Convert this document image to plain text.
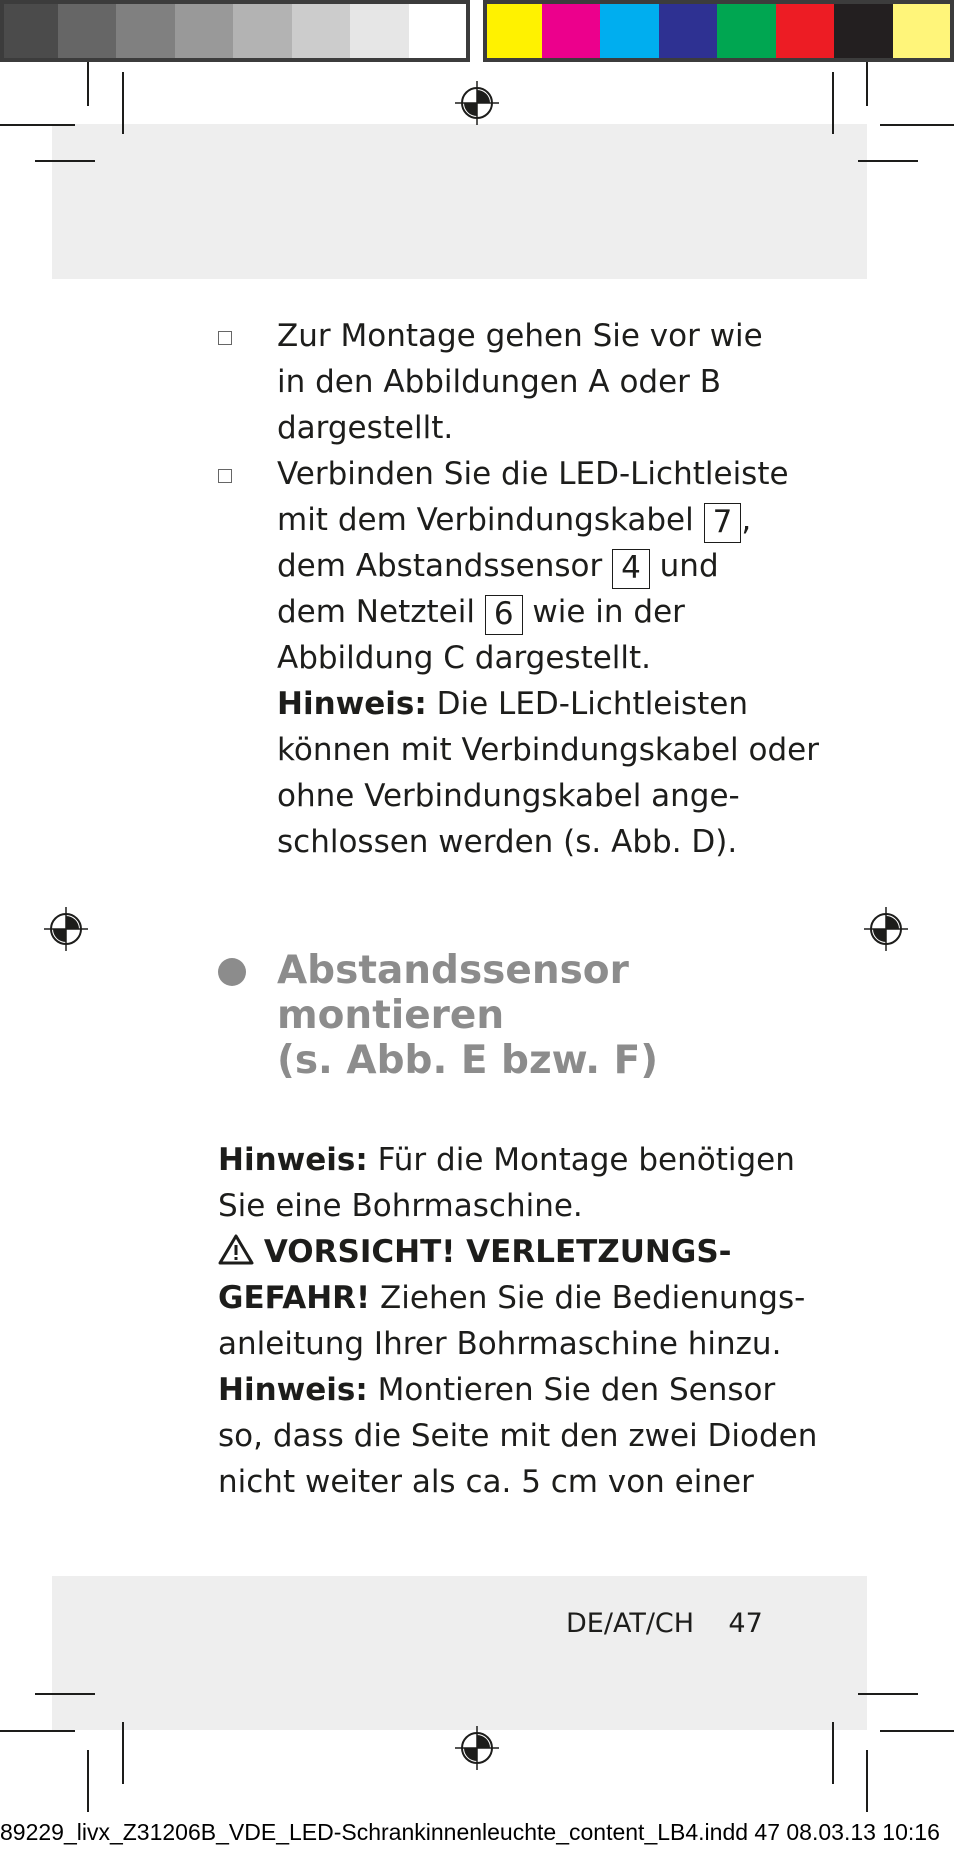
Zur Montage gehen Sie vor wie
in den Abbildungen A oder B
dargestellt.
Verbinden Sie die LED-Lichtleiste
mit dem Verbindungskabel 7 ,
dem Abstandssensor 4 und
dem Netzteil 6 wie in der
Abbildung C dargestellt.
Hinweis: Die LED-Lichtleisten
können mit Verbindungskabel oder
ohne Verbindungskabel ange-
schlossen werden (s. Abb. D).
Abstandssensor
montieren
(s. Abb. E bzw. F)
Hinweis: Für die Montage benötigen
Sie eine Bohrmaschine.
VORSICHT! VERLETZUNGS-
GEFAHR! Ziehen Sie die Bedienungs-
anleitung Ihrer Bohrmaschine hinzu.
Hinweis: Montieren Sie den Sensor
so, dass die Seite mit den zwei Dioden
nicht weiter als ca. 5 cm von einer
DE/AT/CH 47
89229_livx_Z31206B_VDE_LED-Schrankinnenleuchte_content_LB4.indd 47 08.03.13 10:16
